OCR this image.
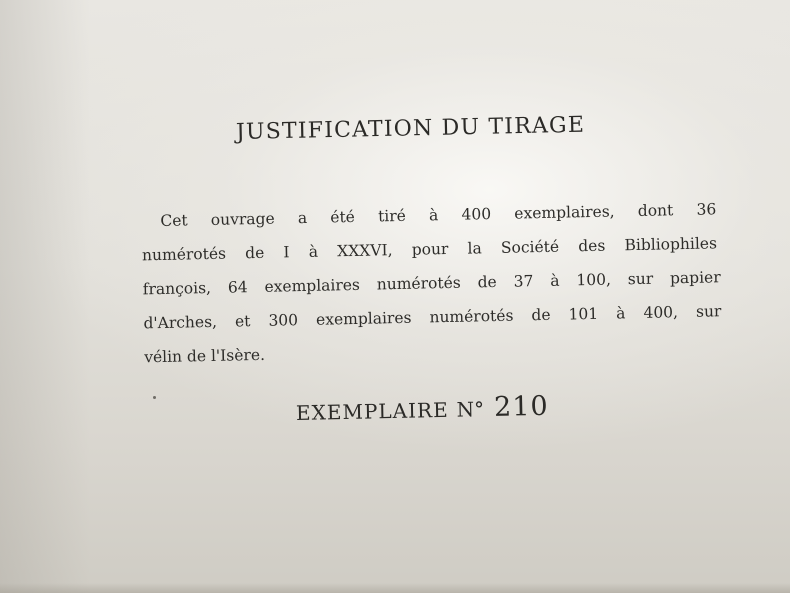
JUSTIFICATION DU TIRAGE
Cet ouvrage a été tiré à 400 exemplaires, dont 36
numérotés de I à XXXVI, pour la Société des Bibliophiles
françois, 64 exemplaires numérotés de 37 à 100, sur papier
d'Arches, et 300 exemplaires numérotés de 101 à 400, sur
vélin de l'Isère.
EXEMPLAIRE N° 210
